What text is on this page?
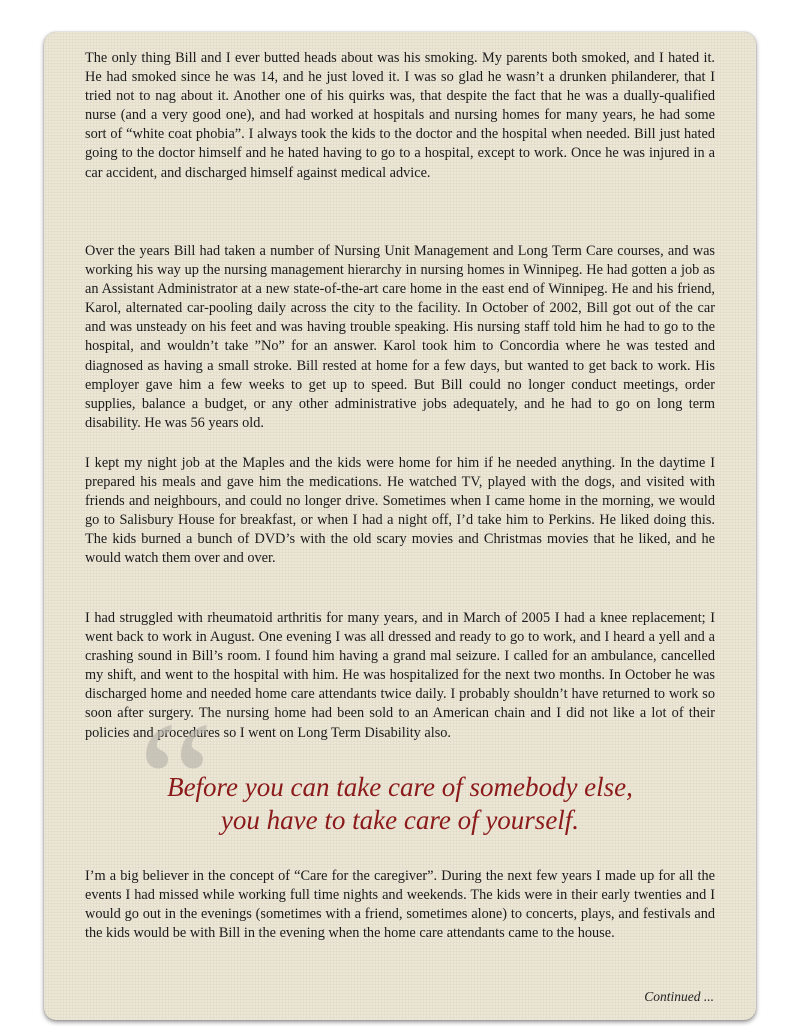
The only thing Bill and I ever butted heads about was his smoking. My parents both smoked, and I hated it. He had smoked since he was 14, and he just loved it. I was so glad he wasn’t a drunken philanderer, that I tried not to nag about it. Another one of his quirks was, that despite the fact that he was a dually-qualified nurse (and a very good one), and had worked at hospitals and nursing homes for many years, he had some sort of “white coat phobia”. I always took the kids to the doctor and the hospital when needed. Bill just hated going to the doctor himself and he hated having to go to a hospital, except to work. Once he was injured in a car accident, and discharged himself against medical advice.

Over the years Bill had taken a number of Nursing Unit Management and Long Term Care courses, and was working his way up the nursing management hierarchy in nursing homes in Winnipeg. He had gotten a job as an Assistant Administrator at a new state-of-the-art care home in the east end of Winnipeg. He and his friend, Karol, alternated car-pooling daily across the city to the facility. In October of 2002, Bill got out of the car and was unsteady on his feet and was having trouble speaking. His nursing staff told him he had to go to the hospital, and wouldn’t take ”No” for an answer. Karol took him to Concordia where he was tested and diagnosed as having a small stroke. Bill rested at home for a few days, but wanted to get back to work. His employer gave him a few weeks to get up to speed. But Bill could no longer conduct meetings, order supplies, balance a budget, or any other administrative jobs adequately, and he had to go on long term disability. He was 56 years old.

I kept my night job at the Maples and the kids were home for him if he needed anything. In the daytime I prepared his meals and gave him the medications. He watched TV, played with the dogs, and visited with friends and neighbours, and could no longer drive. Sometimes when I came home in the morning, we would go to Salisbury House for breakfast, or when I had a night off, I’d take him to Perkins. He liked doing this. The kids burned a bunch of DVD’s with the old scary movies and Christmas movies that he liked, and he would watch them over and over.

I had struggled with rheumatoid arthritis for many years, and in March of 2005 I had a knee replacement; I went back to work in August. One evening I was all dressed and ready to go to work, and I heard a yell and a crashing sound in Bill’s room. I found him having a grand mal seizure. I called for an ambulance, cancelled my shift, and went to the hospital with him. He was hospitalized for the next two months. In October he was discharged home and needed home care attendants twice daily. I probably shouldn’t have returned to work so soon after surgery. The nursing home had been sold to an American chain and I did not like a lot of their policies and procedures so I went on Long Term Disability also.

“

Before you can take care of somebody else,
you have to take care of yourself.

I’m a big believer in the concept of “Care for the caregiver”. During the next few years I made up for all the events I had missed while working full time nights and weekends. The kids were in their early twenties and I would go out in the evenings (sometimes with a friend, sometimes alone) to concerts, plays, and festivals and the kids would be with Bill in the evening when the home care attendants came to the house.

Continued ...
